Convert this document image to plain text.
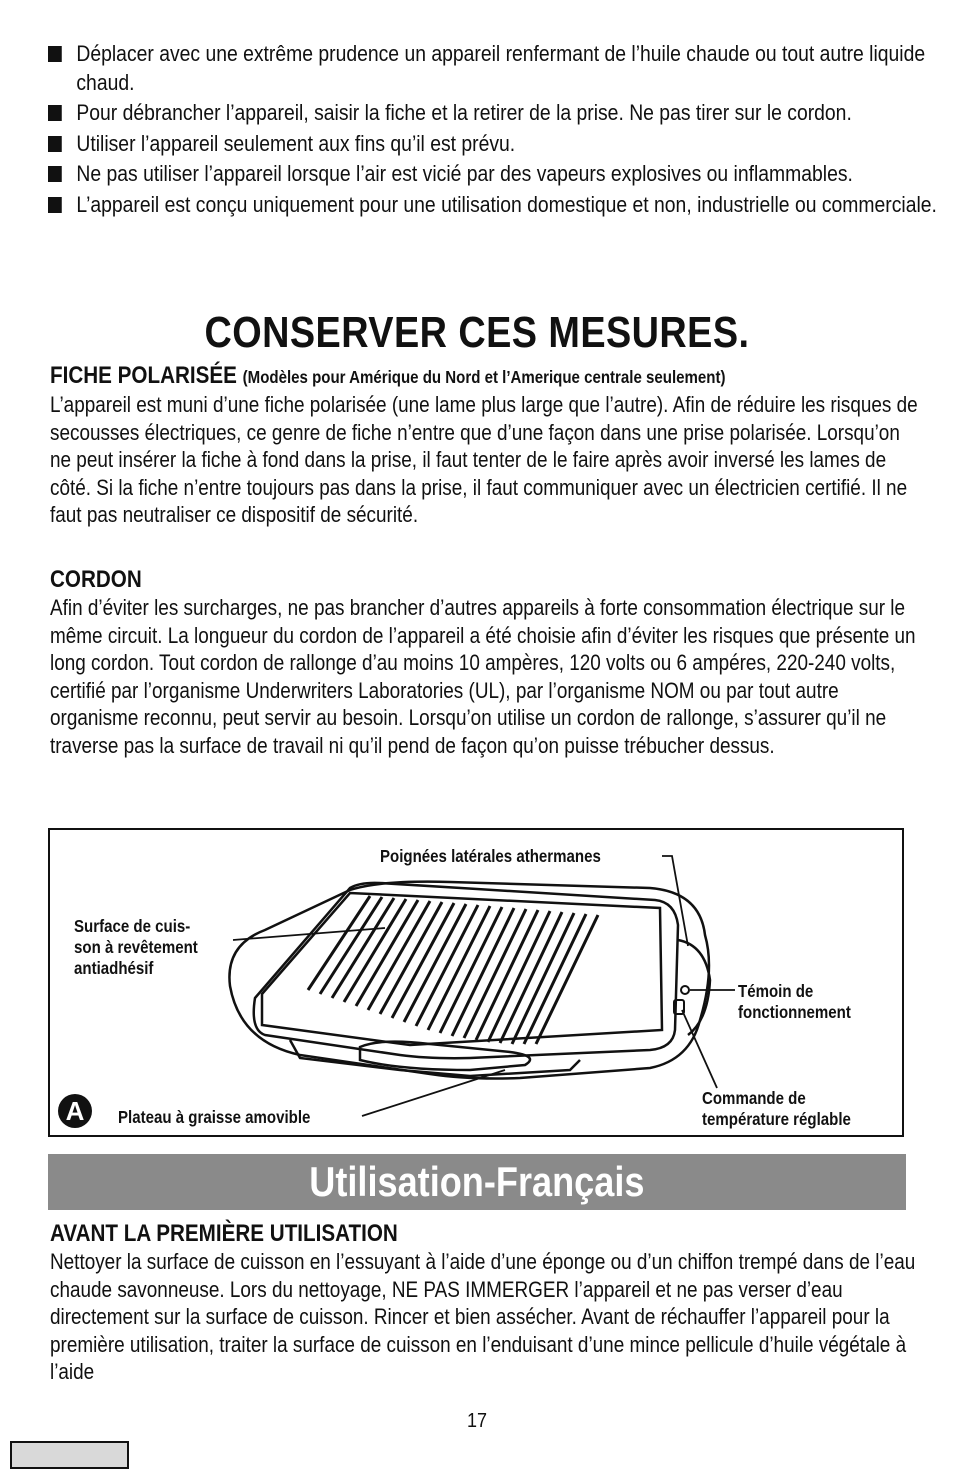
Déplacer avec une extrême prudence un appareil renfermant de l’huile chaude ou tout autre liquide chaud.
Pour débrancher l’appareil, saisir la fiche et la retirer de la prise. Ne pas tirer sur le cordon.
Utiliser l’appareil seulement aux fins qu’il est prévu.
Ne pas utiliser l’appareil lorsque l’air est vicié par des vapeurs explosives ou inflammables.
L’appareil est conçu uniquement pour une utilisation domestique et non, industrielle ou commerciale.
CONSERVER CES MESURES.
FICHE POLARISÉE (Modèles pour Amérique du Nord et l’Amerique centrale seulement)
L’appareil est muni d’une fiche polarisée (une lame plus large que l’autre). Afin de réduire les risques de secousses électriques, ce genre de fiche n’entre que d’une façon dans une prise polarisée. Lorsqu’on ne peut insérer la fiche à fond dans la prise, il faut tenter de le faire après avoir inversé les lames de côté. Si la fiche n’entre toujours pas dans la prise, il faut communiquer avec un électricien certifié. Il ne faut pas neutraliser ce dispositif de sécurité.
CORDON
Afin d’éviter les surcharges, ne pas brancher d’autres appareils à forte consommation électrique sur le même circuit. La longueur du cordon de l’appareil a été choisie afin d’éviter les risques que présente un long cordon. Tout cordon de rallonge d’au moins 10 ampères, 120 volts ou 6 ampéres, 220-240 volts, certifié par l’organisme Underwriters Laboratories (UL), par l’organisme NOM ou par tout autre organisme reconnu, peut servir au besoin. Lorsqu’on utilise un cordon de rallonge, s’assurer qu’il ne traverse pas la surface de travail ni qu’il pend de façon qu’on puisse trébucher dessus.
Poignées latérales athermanes
Surface de cuis-
son à revêtement
antiadhésif
Témoin de
fonctionnement
Commande de
température réglable
Plateau à graisse amovible
A
Utilisation-Français
AVANT LA PREMIÈRE UTILISATION
Nettoyer la surface de cuisson en l’essuyant à l’aide d’une éponge ou d’un chiffon trempé dans de l’eau chaude savonneuse. Lors du nettoyage, NE PAS IMMERGER l’appareil et ne pas verser d’eau directement sur la surface de cuisson. Rincer et bien assécher. Avant de réchauffer l’appareil pour la première utilisation, traiter la surface de cuisson en l’enduisant d’une mince pellicule d’huile végétale à l’aide
17
